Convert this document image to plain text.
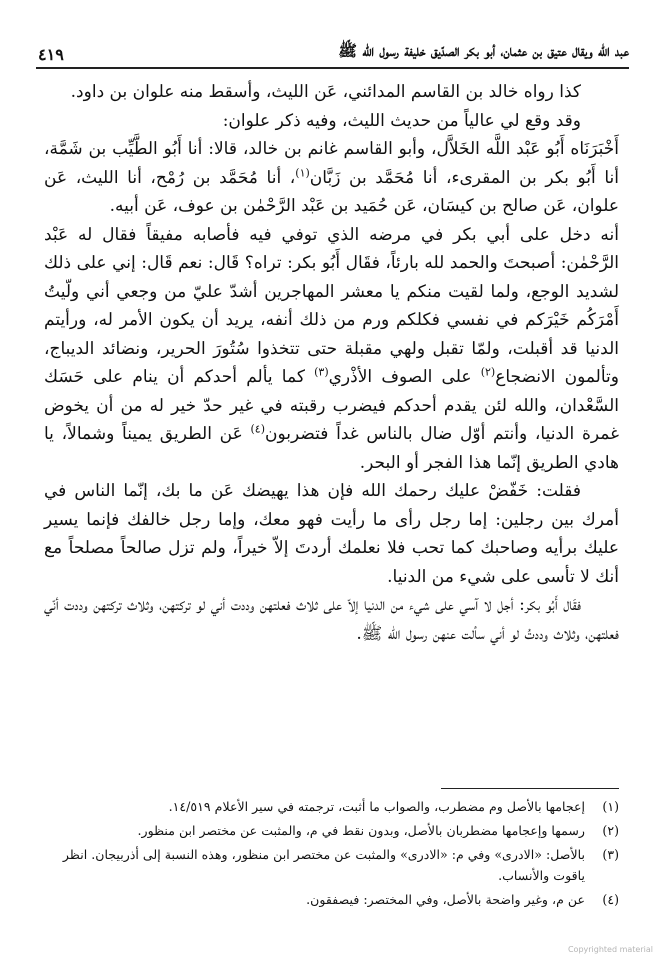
عبد الله ويقال عتيق بن عثمان، أبو بكر الصدّيق خليفة رسول الله ﷺ
٤١٩

كذا رواه خالد بن القاسم المدائني، عَن الليث، وأسقط منه علوان بن داود.

وقد وقع لي عالياً من حديث الليث، وفيه ذكر علوان:

أَخْبَرَنَاه أَبُو عَبْد اللَّه الخَلاَّل، وأبو القاسم غانم بن خالد، قالا: أنا أَبُو الطَّيِّب بن شَمَّة، أنا أَبُو بكر بن المقرىء، أنا مُحَمَّد بن زَبَّان$^{(١)}$، أنا مُحَمَّد بن رُمْح، أنا الليث، عَن علوان، عَن صالح بن كيسَان، عَن حُمَيد بن عَبْد الرَّحْمٰن بن عوف، عَن أبيه.

أنه دخل على أبي بكر في مرضه الذي توفي فيه فأصابه مفيقاً فقال له عَبْد الرَّحْمٰن: أصبحتَ والحمد لله بارئاً، فقَال أَبُو بكر: تراه؟ قَال: نعم قَال: إني على ذلك لشديد الوجع، ولما لقيت منكم يا معشر المهاجرين أشدّ عليّ من وجعي أني ولّيتُ أَمْرَكُم خَيْرَكم في نفسي فكلكم ورم من ذلك أنفه، يريد أن يكون الأمر له، ورأيتم الدنيا قد أقبلت، ولمّا تقبل ولهي مقبلة حتى تتخذوا سُتُورَ الحرير، ونضائد الديباج، وتألمون الانضجاع$^{(٢)}$ على الصوف الأذْري$^{(٣)}$ كما يألم أحدكم أن ينام على حَسَك السَّعْدان، والله لئن يقدم أحدكم فيضرب رقبته في غير حدّ خير له من أن يخوض غمرة الدنيا، وأنتم أوّل ضال بالناس غداً فتضربون$^{(٤)}$ عَن الطريق يميناً وشمالاً، يا هادي الطريق إنّما هذا الفجر أو البحر.

فقلت: خَفّضْ عليك رحمك الله فإن هذا يهيضك عَن ما بك، إنّما الناس في أمرك بين رجلين: إما رجل رأى ما رأيت فهو معك، وإما رجل خالفك فإنما يسير عليك برأيه وصاحبك كما تحب فلا نعلمك أردتَ إلاّ خيراً، ولم تزل صالحاً مصلحاً مع أنك لا تأسى على شيء من الدنيا.

فقَال أَبُو بكر: أجل لا آسي على شيء من الدنيا إلاّ على ثلاث فعلتهن وددت أني لو تركتهن، وثلاث تركتهن وددت أنّي فعلتهن، وثلاث وددتُ لو أني سألت عنهن رسول الله ﷺ.

(١)
إعجامها بالأصل وم مضطرب، والصواب ما أثبت، ترجمته في سير الأعلام ١٤/٥١٩.
(٢)
رسمها وإعجامها مضطربان بالأصل، وبدون نقط في م، والمثبت عن مختصر ابن منظور.
(٣)
بالأصل: «الادرى» وفي م: «الادرى» والمثبت عن مختصر ابن منظور، وهذه النسبة إلى أذربيجان. انظر ياقوت والأنساب.
(٤)
عن م، وغير واضحة بالأصل، وفي المختصر: فيصفقون.
Copyrighted material
